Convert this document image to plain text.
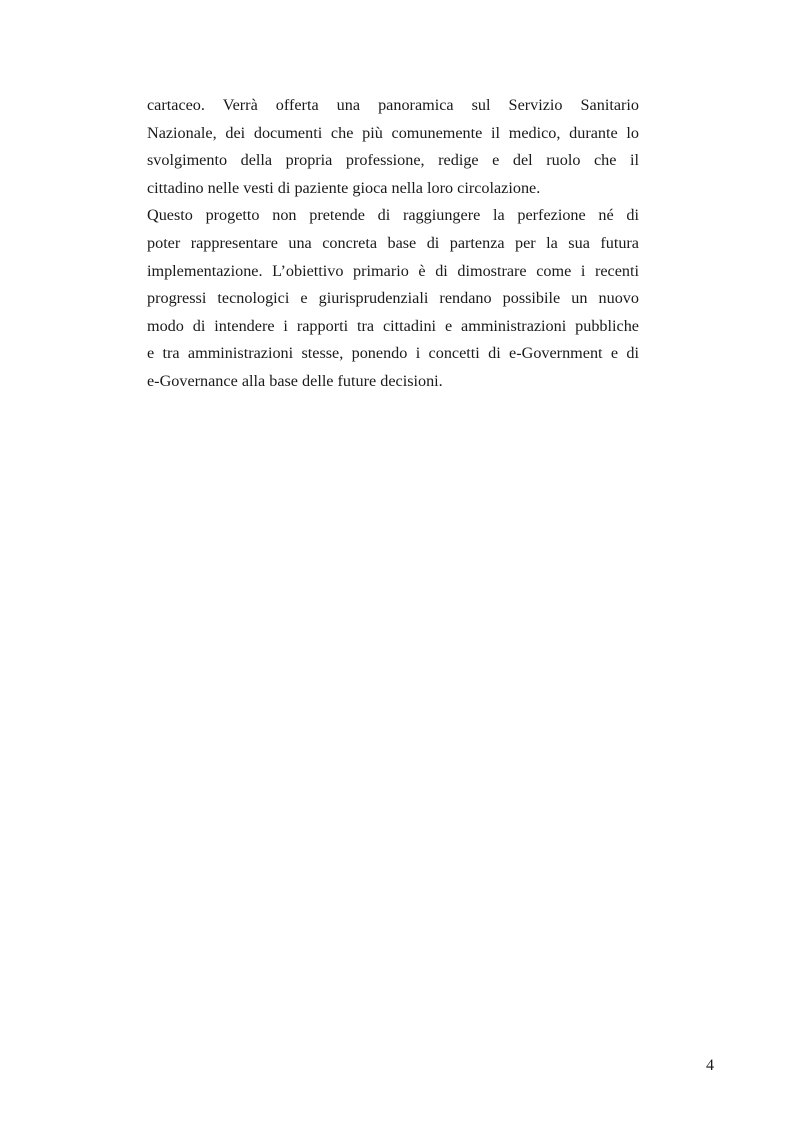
cartaceo. Verrà offerta una panoramica sul Servizio Sanitario
Nazionale, dei documenti che più comunemente il medico, durante lo
svolgimento della propria professione, redige e del ruolo che il
cittadino nelle vesti di paziente gioca nella loro circolazione.

Questo progetto non pretende di raggiungere la perfezione né di
poter rappresentare una concreta base di partenza per la sua futura
implementazione. L’obiettivo primario è di dimostrare come i recenti
progressi tecnologici e giurisprudenziali rendano possibile un nuovo
modo di intendere i rapporti tra cittadini e amministrazioni pubbliche
e tra amministrazioni stesse, ponendo i concetti di e-Government e di
e-Governance alla base delle future decisioni.

4
